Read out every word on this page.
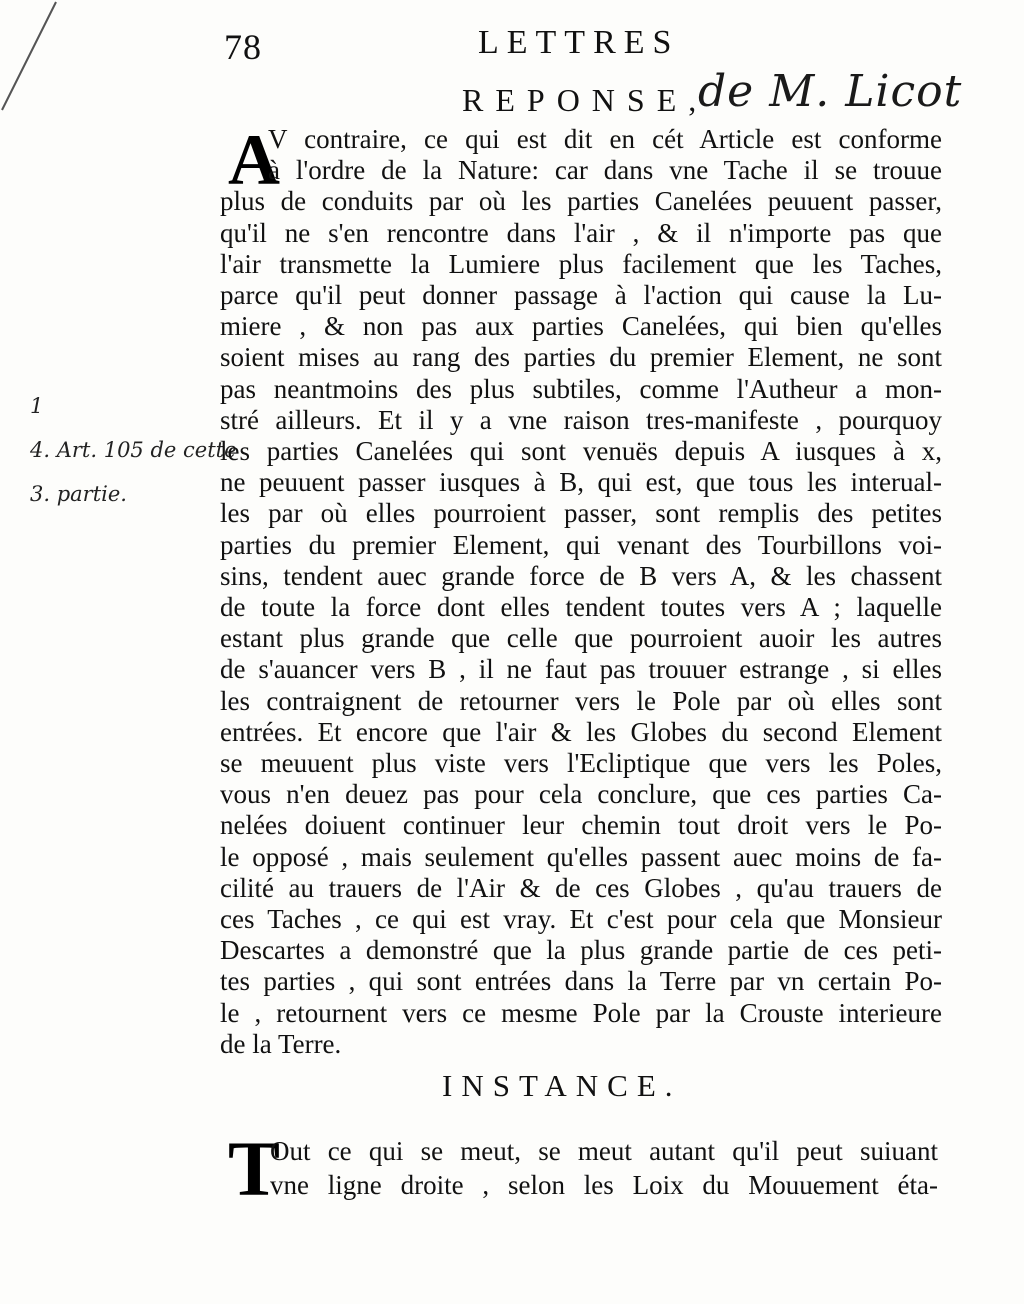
78	LETTRES
REPONSE,
de M. Licot
1
4. Art. 105 de cette
3. partie.
A
V contraire, ce qui est dit en cét Article est conforme
à l'ordre de la Nature: car dans vne Tache il se trouue
plus de conduits par où les parties Canelées peuuent passer,
qu'il ne s'en rencontre dans l'air , & il n'importe pas que
l'air transmette la Lumiere plus facilement que les Taches,
parce qu'il peut donner passage à l'action qui cause la Lu-
miere , & non pas aux parties Canelées, qui bien qu'elles
soient mises au rang des parties du premier Element, ne sont
pas neantmoins des plus subtiles, comme l'Autheur a mon-
stré ailleurs. Et il y a vne raison tres-manifeste , pourquoy
les parties Canelées qui sont venuës depuis A iusques à x,
ne peuuent passer iusques à B, qui est, que tous les interual-
les par où elles pourroient passer, sont remplis des petites
parties du premier Element, qui venant des Tourbillons voi-
sins, tendent auec grande force de B vers A, & les chassent
de toute la force dont elles tendent toutes vers A ; laquelle
estant plus grande que celle que pourroient auoir les autres
de s'auancer vers B , il ne faut pas trouuer estrange , si elles
les contraignent de retourner vers le Pole par où elles sont
entrées. Et encore que l'air & les Globes du second Element
se meuuent plus viste vers l'Ecliptique que vers les Poles,
vous n'en deuez pas pour cela conclure, que ces parties Ca-
nelées doiuent continuer leur chemin tout droit vers le Po-
le opposé , mais seulement qu'elles passent auec moins de fa-
cilité au trauers de l'Air & de ces Globes , qu'au trauers de
ces Taches , ce qui est vray. Et c'est pour cela que Monsieur
Descartes a demonstré que la plus grande partie de ces peti-
tes parties , qui sont entrées dans la Terre par vn certain Po-
le , retournent vers ce mesme Pole par la Crouste interieure
de la Terre.
INSTANCE.
T
Out ce qui se meut, se meut autant qu'il peut suiuant
vne ligne droite , selon les Loix du Mouuement éta-
